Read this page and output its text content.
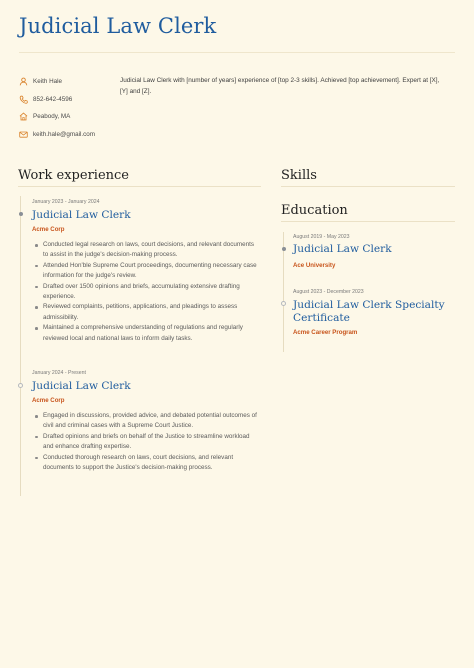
Judicial Law Clerk
Keith Hale
852-642-4596
Peabody, MA
keith.hale@gmail.com

Judicial Law Clerk with [number of years] experience of [top 2-3 skills]. Achieved [top achievement]. Expert at [X], [Y] and [Z].

Work experience
January 2023 - January 2024
Judicial Law Clerk
Acme Corp
Conducted legal research on laws, court decisions, and relevant documents to assist in the judge's decision-making process.
Attended Hon'ble Supreme Court proceedings, documenting necessary case information for the judge's review.
Drafted over 1500 opinions and briefs, accumulating extensive drafting experience.
Reviewed complaints, petitions, applications, and pleadings to assess admissibility.
Maintained a comprehensive understanding of regulations and regularly reviewed local and national laws to inform daily tasks.
January 2024 - Present
Judicial Law Clerk
Acme Corp
Engaged in discussions, provided advice, and debated potential outcomes of civil and criminal cases with a Supreme Court Justice.
Drafted opinions and briefs on behalf of the Justice to streamline workload and enhance drafting expertise.
Conducted thorough research on laws, court decisions, and relevant documents to support the Justice's decision-making process.
Skills
Education
August 2019 - May 2023
Judicial Law Clerk
Ace University
August 2023 - December 2023
Judicial Law Clerk Specialty Certificate
Acme Career Program
